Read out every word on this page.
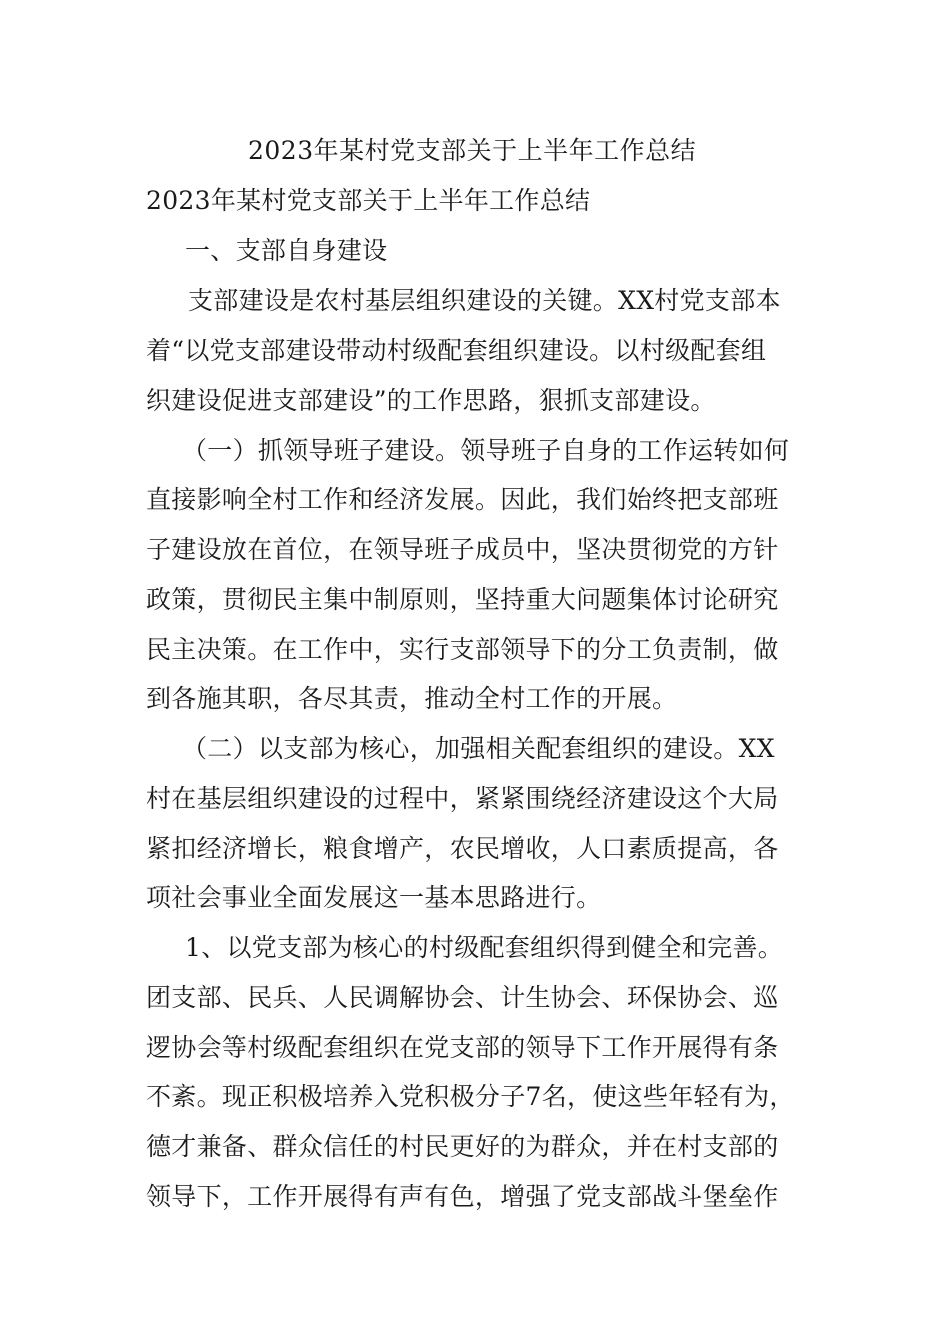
2023年某村党支部关于上半年工作总结
2023年某村党支部关于上半年工作总结
一、支部自身建设
支部建设是农村基层组织建设的关键。XX村党支部本
着“以党支部建设带动村级配套组织建设。以村级配套组
织建设促进支部建设”的工作思路，狠抓支部建设。
（一）抓领导班子建设。领导班子自身的工作运转如何
直接影响全村工作和经济发展。因此，我们始终把支部班
子建设放在首位，在领导班子成员中，坚决贯彻党的方针
政策，贯彻民主集中制原则，坚持重大问题集体讨论研究
民主决策。在工作中，实行支部领导下的分工负责制，做
到各施其职，各尽其责，推动全村工作的开展。
（二）以支部为核心，加强相关配套组织的建设。XX
村在基层组织建设的过程中，紧紧围绕经济建设这个大局
紧扣经济增长，粮食增产，农民增收，人口素质提高，各
项社会事业全面发展这一基本思路进行。
1、以党支部为核心的村级配套组织得到健全和完善。
团支部、民兵、人民调解协会、计生协会、环保协会、巡
逻协会等村级配套组织在党支部的领导下工作开展得有条
不紊。现正积极培养入党积极分子7名，使这些年轻有为，
德才兼备、群众信任的村民更好的为群众，并在村支部的
领导下，工作开展得有声有色，增强了党支部战斗堡垒作
